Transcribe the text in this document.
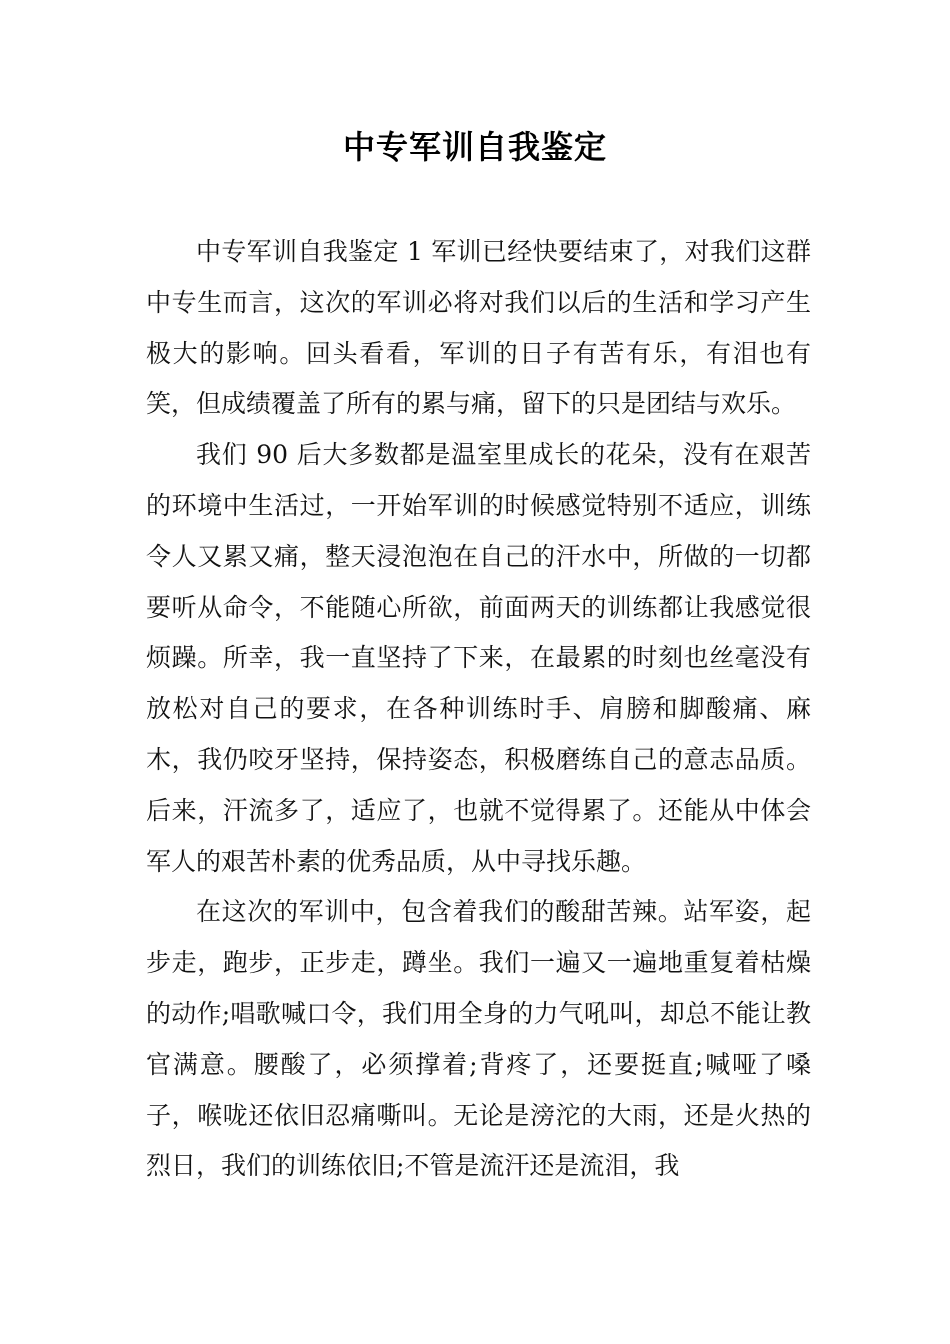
中专军训自我鉴定

中专军训自我鉴定 1 军训已经快要结束了，对我们这群中专生而言，这次的军训必将对我们以后的生活和学习产生极大的影响。回头看看，军训的日子有苦有乐，有泪也有笑，但成绩覆盖了所有的累与痛，留下的只是团结与欢乐。

我们 90 后大多数都是温室里成长的花朵，没有在艰苦的环境中生活过，一开始军训的时候感觉特别不适应，训练令人又累又痛，整天浸泡泡在自己的汗水中，所做的一切都要听从命令，不能随心所欲，前面两天的训练都让我感觉很烦躁。所幸，我一直坚持了下来，在最累的时刻也丝毫没有放松对自己的要求，在各种训练时手、肩膀和脚酸痛、麻木，我仍咬牙坚持，保持姿态，积极磨练自己的意志品质。后来，汗流多了，适应了，也就不觉得累了。还能从中体会军人的艰苦朴素的优秀品质，从中寻找乐趣。

在这次的军训中，包含着我们的酸甜苦辣。站军姿，起步走，跑步，正步走，蹲坐。我们一遍又一遍地重复着枯燥的动作;唱歌喊口令，我们用全身的力气吼叫，却总不能让教官满意。腰酸了，必须撑着;背疼了，还要挺直;喊哑了嗓子，喉咙还依旧忍痛嘶叫。无论是滂沱的大雨，还是火热的烈日，我们的训练依旧;不管是流汗还是流泪，我
